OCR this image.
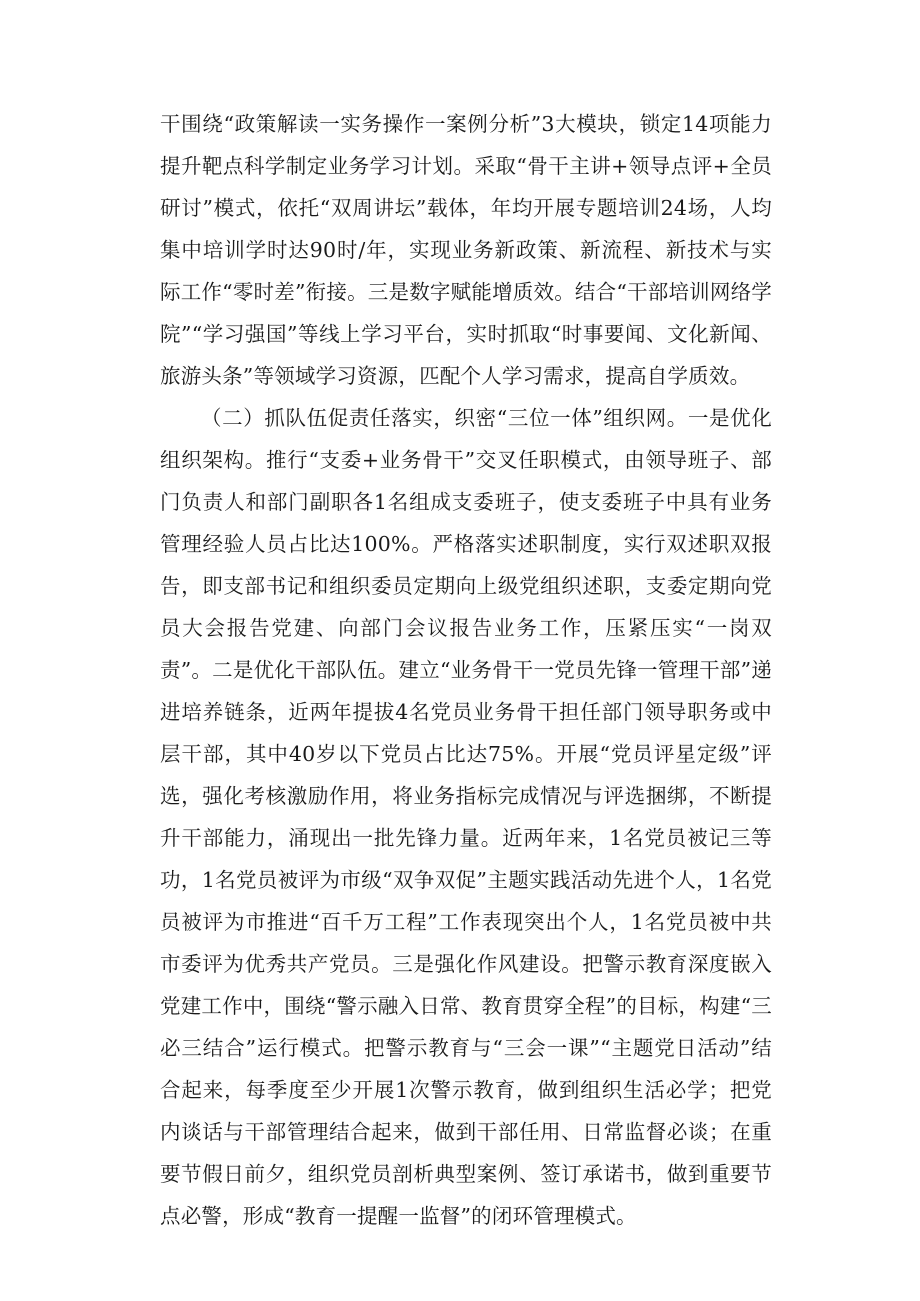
干围绕“政策解读一实务操作一案例分析”3大模块，锁定14项能力提升靶点科学制定业务学习计划。采取“骨干主讲+领导点评+全员研讨”模式，依托“双周讲坛”载体，年均开展专题培训24场，人均集中培训学时达90时/年，实现业务新政策、新流程、新技术与实际工作“零时差”衔接。三是数字赋能增质效。结合“干部培训网络学院”“学习强国”等线上学习平台，实时抓取“时事要闻、文化新闻、旅游头条”等领域学习资源，匹配个人学习需求，提高自学质效。

（二）抓队伍促责任落实，织密“三位一体”组织网。一是优化组织架构。推行“支委+业务骨干”交叉任职模式，由领导班子、部门负责人和部门副职各1名组成支委班子，使支委班子中具有业务管理经验人员占比达100%。严格落实述职制度，实行双述职双报告，即支部书记和组织委员定期向上级党组织述职，支委定期向党员大会报告党建、向部门会议报告业务工作，压紧压实“一岗双责”。二是优化干部队伍。建立“业务骨干一党员先锋一管理干部”递进培养链条，近两年提拔4名党员业务骨干担任部门领导职务或中层干部，其中40岁以下党员占比达75%。开展“党员评星定级”评选，强化考核激励作用，将业务指标完成情况与评选捆绑，不断提升干部能力，涌现出一批先锋力量。近两年来，1名党员被记三等功，1名党员被评为市级“双争双促”主题实践活动先进个人，1名党员被评为市推进“百千万工程”工作表现突出个人，1名党员被中共市委评为优秀共产党员。三是强化作风建设。把警示教育深度嵌入党建工作中，围绕“警示融入日常、教育贯穿全程”的目标，构建“三必三结合”运行模式。把警示教育与“三会一课”“主题党日活动”结合起来，每季度至少开展1次警示教育，做到组织生活必学；把党内谈话与干部管理结合起来，做到干部任用、日常监督必谈；在重要节假日前夕，组织党员剖析典型案例、签订承诺书，做到重要节点必警，形成“教育一提醒一监督”的闭环管理模式。
